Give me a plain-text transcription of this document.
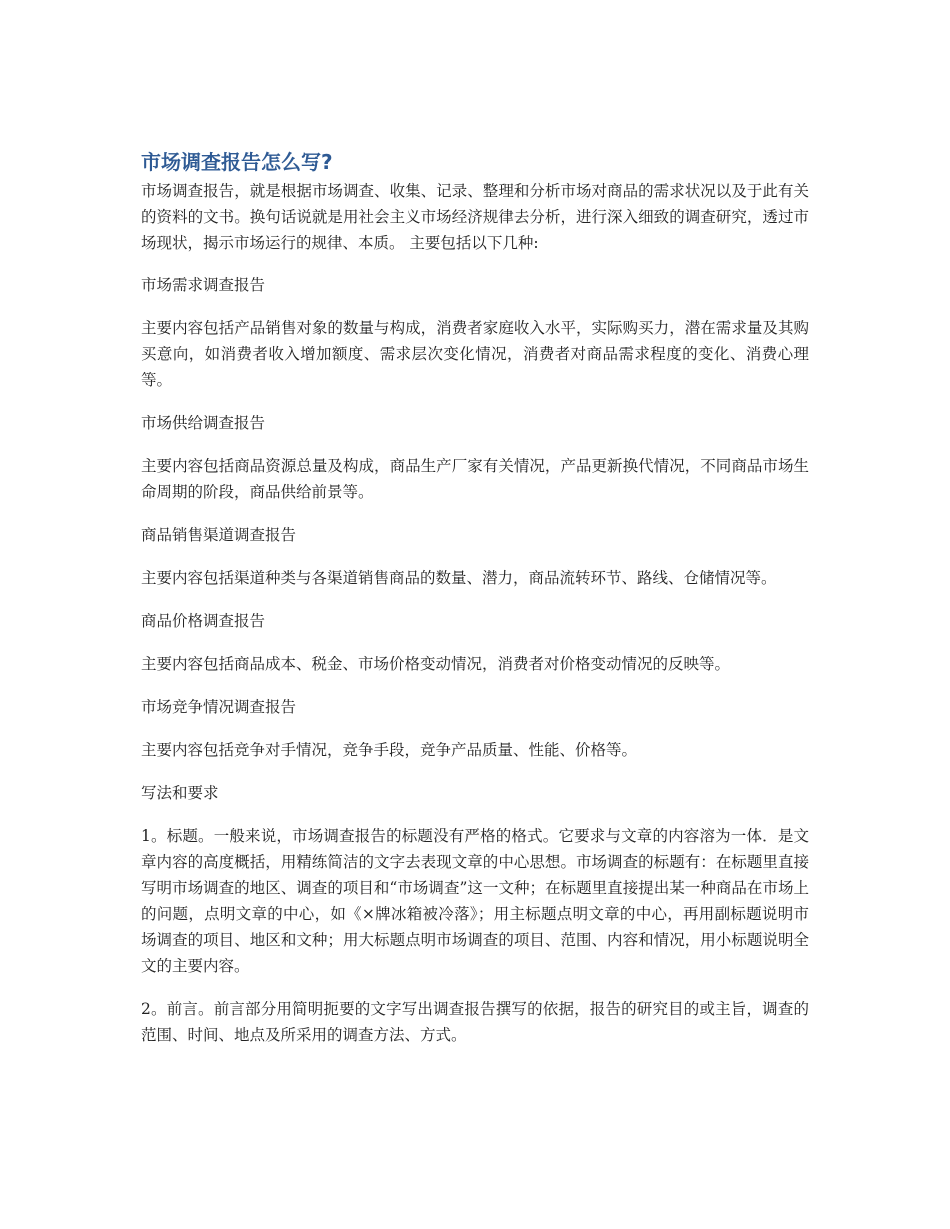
市场调查报告怎么写?

市场调查报告，就是根据市场调查、收集、记录、整理和分析市场对商品的需求状况以及于此有关的资料的文书。换句话说就是用社会主义市场经济规律去分析，进行深入细致的调查研究，透过市场现状，揭示市场运行的规律、本质。 主要包括以下几种:

市场需求调查报告

主要内容包括产品销售对象的数量与构成，消费者家庭收入水平，实际购买力，潜在需求量及其购买意向，如消费者收入增加额度、需求层次变化情况，消费者对商品需求程度的变化、消费心理等。

市场供给调查报告

主要内容包括商品资源总量及构成，商品生产厂家有关情况，产品更新换代情况，不同商品市场生命周期的阶段，商品供给前景等。

商品销售渠道调查报告

主要内容包括渠道种类与各渠道销售商品的数量、潜力，商品流转环节、路线、仓储情况等。

商品价格调查报告

主要内容包括商品成本、税金、市场价格变动情况，消费者对价格变动情况的反映等。

市场竞争情况调查报告

主要内容包括竞争对手情况，竞争手段，竞争产品质量、性能、价格等。

写法和要求

1。标题。一般来说，市场调查报告的标题没有严格的格式。它要求与文章的内容溶为一体．是文章内容的高度概括，用精练简洁的文字去表现文章的中心思想。市场调查的标题有：在标题里直接写明市场调查的地区、调查的项目和“市场调查”这一文种；在标题里直接提出某一种商品在市场上的问题，点明文章的中心，如《×牌冰箱被冷落》；用主标题点明文章的中心，再用副标题说明市场调查的项目、地区和文种；用大标题点明市场调查的项目、范围、内容和情况，用小标题说明全文的主要内容。

2。前言。前言部分用简明扼要的文字写出调查报告撰写的依据，报告的研究目的或主旨，调查的范围、时间、地点及所采用的调查方法、方式。
